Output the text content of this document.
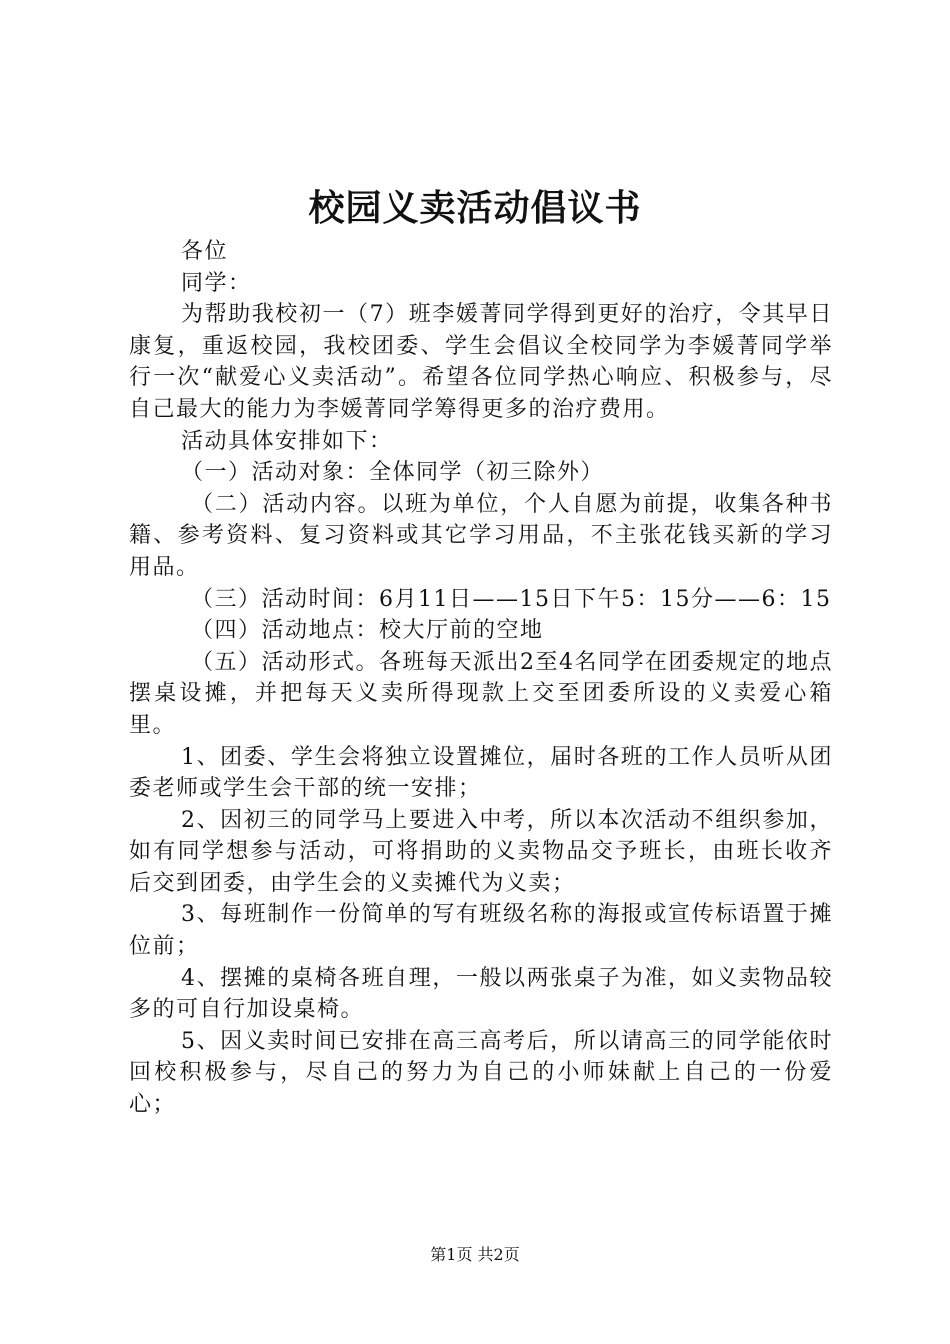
校园义卖活动倡议书

各位

同学：

为帮助我校初一（7）班李媛菁同学得到更好的治疗，令其早日康复，重返校园，我校团委、学生会倡议全校同学为李媛菁同学举行一次“献爱心义卖活动”。希望各位同学热心响应、积极参与，尽自己最大的能力为李媛菁同学筹得更多的治疗费用。

活动具体安排如下：

（一）活动对象：全体同学（初三除外）

（二）活动内容。以班为单位，个人自愿为前提，收集各种书籍、参考资料、复习资料或其它学习用品，不主张花钱买新的学习用品。

（三）活动时间：6月11日——15日下午5：15分——6：15

（四）活动地点：校大厅前的空地

（五）活动形式。各班每天派出2至4名同学在团委规定的地点摆桌设摊，并把每天义卖所得现款上交至团委所设的义卖爱心箱里。

1、团委、学生会将独立设置摊位，届时各班的工作人员听从团委老师或学生会干部的统一安排；

2、因初三的同学马上要进入中考，所以本次活动不组织参加，如有同学想参与活动，可将捐助的义卖物品交予班长，由班长收齐后交到团委，由学生会的义卖摊代为义卖；

3、每班制作一份简单的写有班级名称的海报或宣传标语置于摊位前；

4、摆摊的桌椅各班自理，一般以两张桌子为准，如义卖物品较多的可自行加设桌椅。

5、因义卖时间已安排在高三高考后，所以请高三的同学能依时回校积极参与，尽自己的努力为自己的小师妹献上自己的一份爱心；

第1页 共2页
